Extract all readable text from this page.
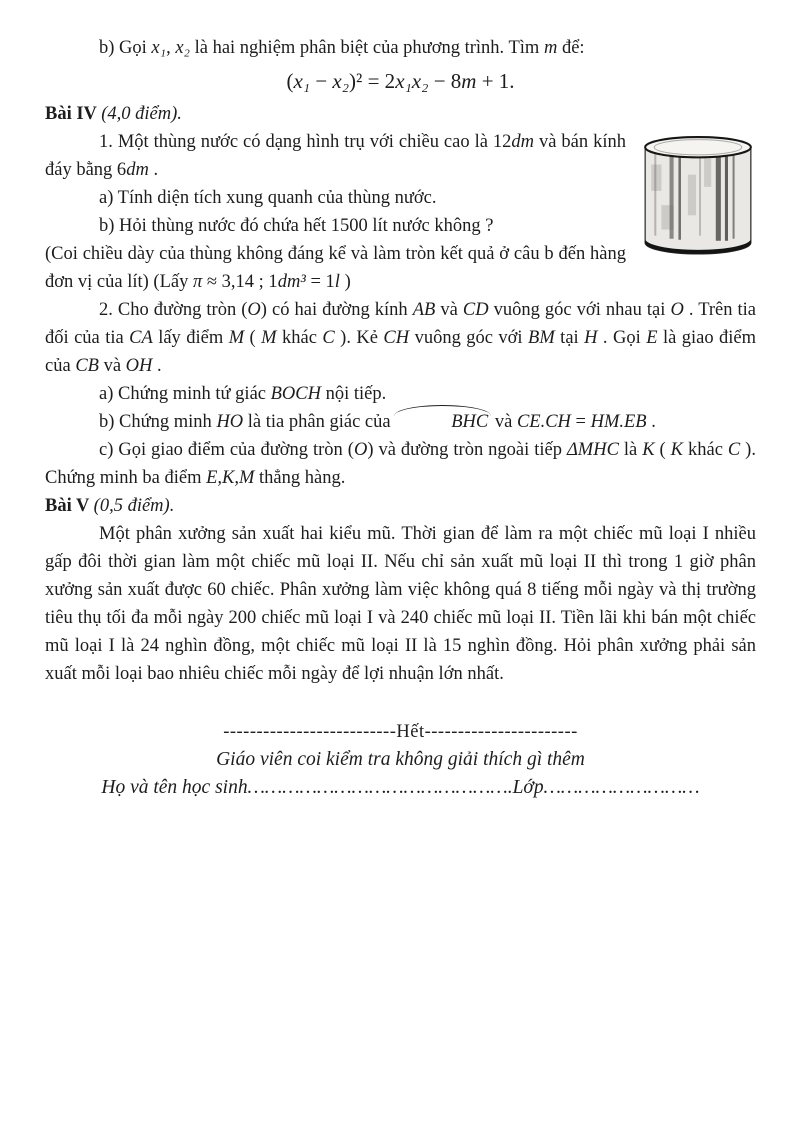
b) Gọi x₁, x₂ là hai nghiệm phân biệt của phương trình. Tìm m để:

(x₁ − x₂)² = 2x₁x₂ − 8m + 1.

Bài IV (4,0 điểm).

1. Một thùng nước có dạng hình trụ với chiều cao là 12dm và bán kính đáy bằng 6dm .

a) Tính diện tích xung quanh của thùng nước.

b) Hỏi thùng nước đó chứa hết 1500 lít nước không ?

(Coi chiều dày của thùng không đáng kể và làm tròn kết quả ở câu b đến hàng đơn vị của lít) (Lấy π ≈ 3,14 ; 1dm³ = 1l )

2. Cho đường tròn (O) có hai đường kính AB và CD vuông góc với nhau tại O . Trên tia đối của tia CA lấy điểm M ( M khác C ). Kẻ CH vuông góc với BM tại H . Gọi E là giao điểm của CB và OH .

a) Chứng minh tứ giác BOCH nội tiếp.

b) Chứng minh HO là tia phân giác của	BHC và CE.CH = HM.EB .

c) Gọi giao điểm của đường tròn (O) và đường tròn ngoài tiếp ΔMHC là K ( K khác C ). Chứng minh ba điểm E,K,M thẳng hàng.

Bài V (0,5 điểm).

Một phân xưởng sản xuất hai kiểu mũ. Thời gian để làm ra một chiếc mũ loại I nhiều gấp đôi thời gian làm một chiếc mũ loại II. Nếu chỉ sản xuất mũ loại II thì trong 1 giờ phân xưởng sản xuất được 60 chiếc. Phân xưởng làm việc không quá 8 tiếng mỗi ngày và thị trường tiêu thụ tối đa mỗi ngày 200 chiếc mũ loại I và 240 chiếc mũ loại II. Tiền lãi khi bán một chiếc mũ loại I là 24 nghìn đồng, một chiếc mũ loại II là 15 nghìn đồng. Hỏi phân xưởng phải sản xuất mỗi loại bao nhiêu chiếc mỗi ngày để lợi nhuận lớn nhất.

--------------------------Hết-----------------------

Giáo viên coi kiểm tra không giải thích gì thêm

Họ và tên học sinh……………………………………….Lớp………………………
